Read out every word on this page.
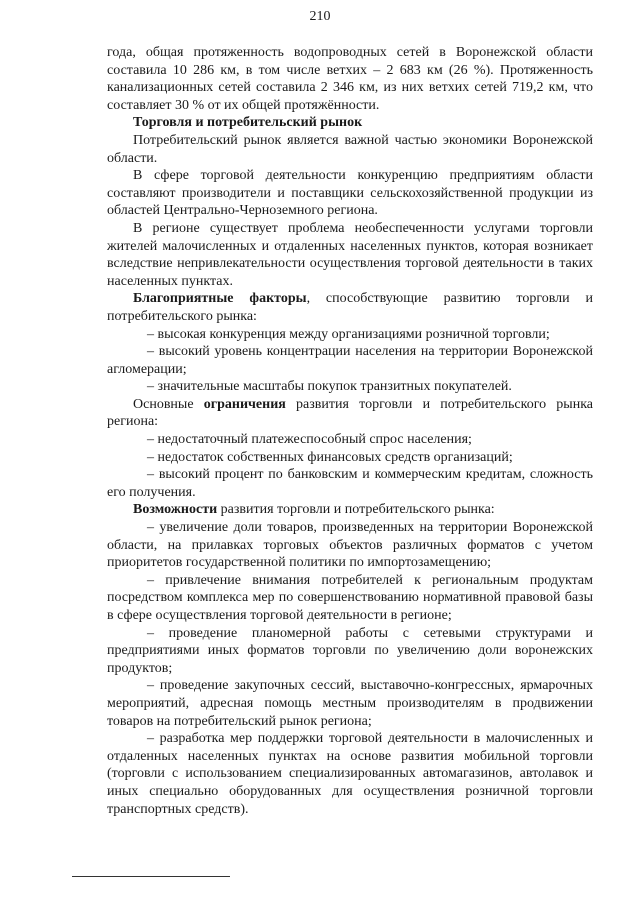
210

года, общая протяженность водопроводных сетей в Воронежской области составила 10 286 км, в том числе ветхих – 2 683 км (26 %). Протяженность канализационных сетей составила 2 346 км, из них ветхих сетей 719,2 км, что составляет 30 % от их общей протяжённости.

Торговля и потребительский рынок

Потребительский рынок является важной частью экономики Воронежской области.

В сфере торговой деятельности конкуренцию предприятиям области составляют производители и поставщики сельскохозяйственной продукции из областей Центрально-Черноземного региона.

В регионе существует проблема необеспеченности услугами торговли жителей малочисленных и отдаленных населенных пунктов, которая возникает вследствие непривлекательности осуществления торговой деятельности в таких населенных пунктах.

Благоприятные факторы, способствующие развитию торговли и потребительского рынка:

– высокая конкуренция между организациями розничной торговли;

– высокий уровень концентрации населения на территории Воронежской агломерации;

– значительные масштабы покупок транзитных покупателей.

Основные ограничения развития торговли и потребительского рынка региона:

– недостаточный платежеспособный спрос населения;

– недостаток собственных финансовых средств организаций;

– высокий процент по банковским и коммерческим кредитам, сложность его получения.

Возможности развития торговли и потребительского рынка:

– увеличение доли товаров, произведенных на территории Воронежской области, на прилавках торговых объектов различных форматов с учетом приоритетов государственной политики по импортозамещению;

– привлечение внимания потребителей к региональным продуктам посредством комплекса мер по совершенствованию нормативной правовой базы в сфере осуществления торговой деятельности в регионе;

– проведение планомерной работы с сетевыми структурами и предприятиями иных форматов торговли по увеличению доли воронежских продуктов;

– проведение закупочных сессий, выставочно-конгрессных, ярмарочных мероприятий, адресная помощь местным производителям в продвижении товаров на потребительский рынок региона;

– разработка мер поддержки торговой деятельности в малочисленных и отдаленных населенных пунктах на основе развития мобильной торговли (торговли с использованием специализированных автомагазинов, автолавок и иных специально оборудованных для осуществления розничной торговли транспортных средств).
